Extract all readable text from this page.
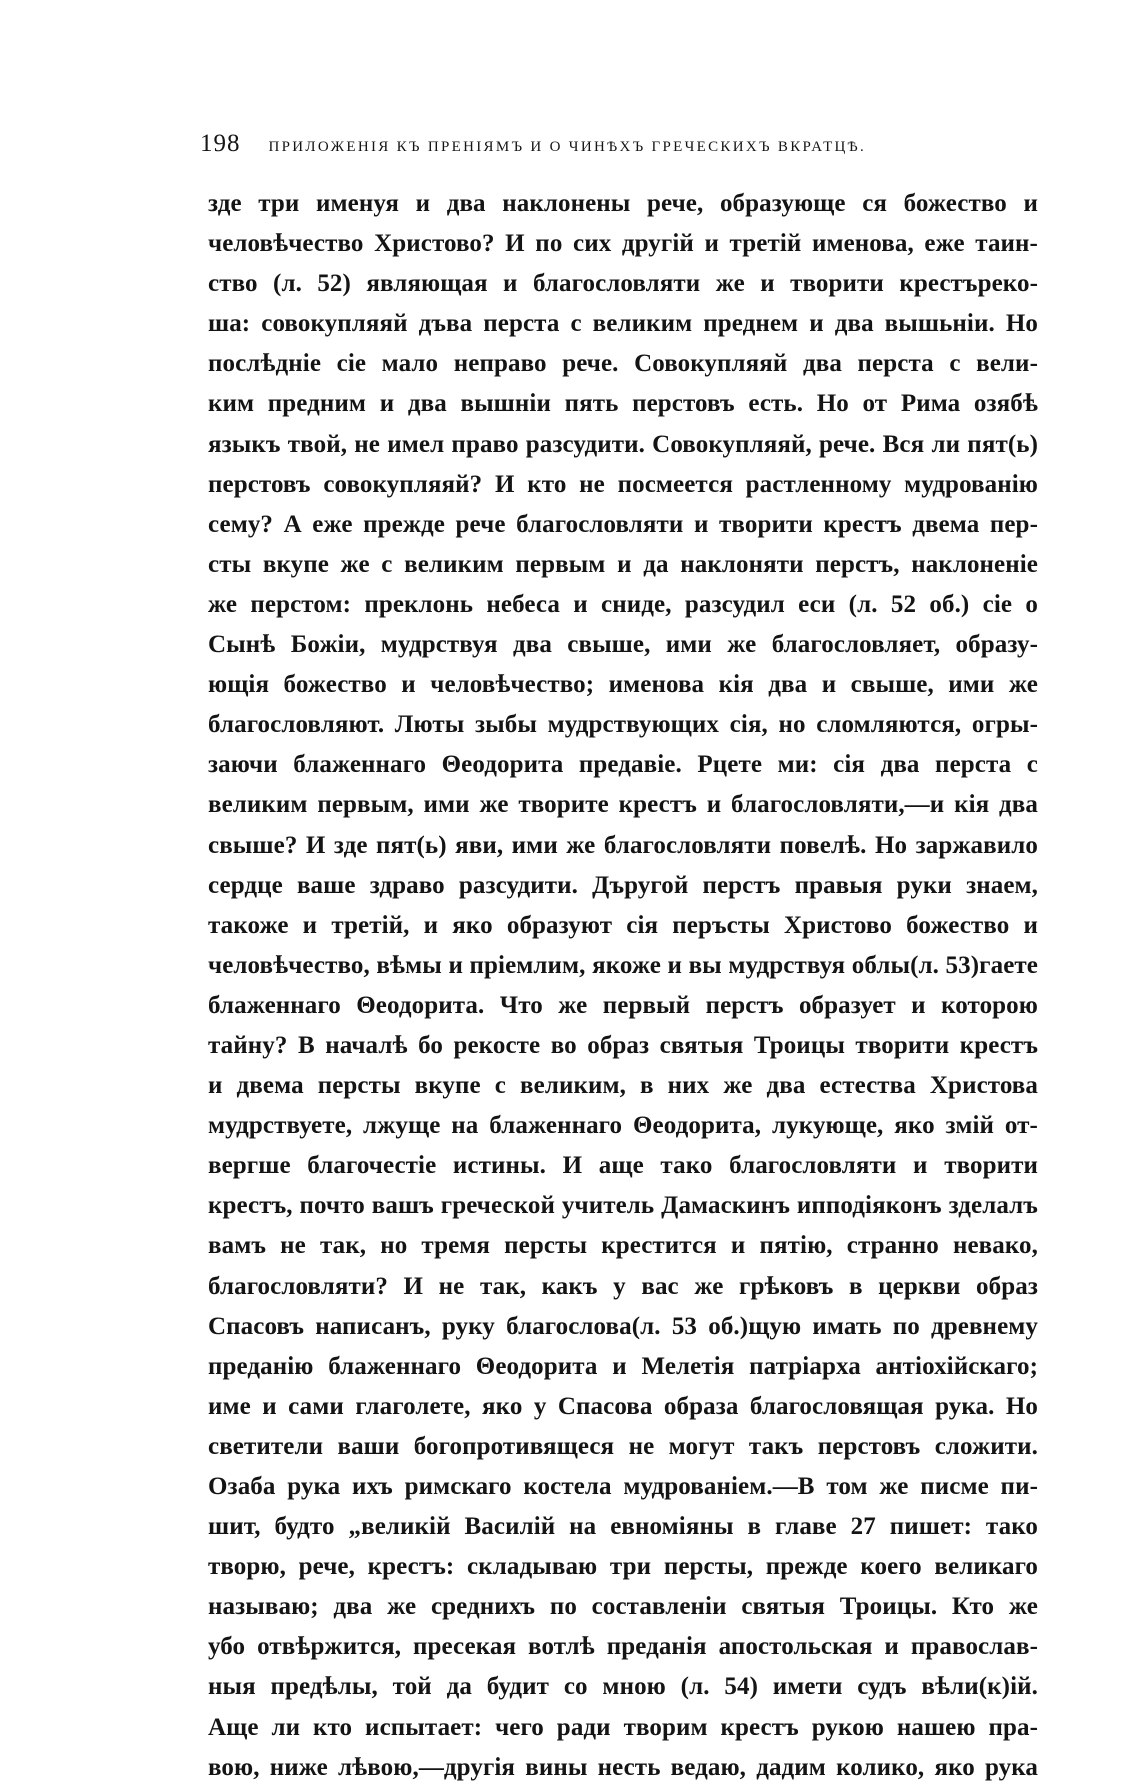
198 ПРИЛОЖЕНІЯ КЪ ПРЕНІЯМЪ И О ЧИНѢХЪ ГРЕЧЕСКИХЪ ВКРАТЦѢ.
зде три именуя и два наклонены рече, образующе ся божество и
человѣчество Христово? И по сих другій и третій именова, еже таин-
ство (л. 52) являющая и благословляти же и творити крестъреко-
ша: совокупляяй дъва перста с великим преднем и два вышьніи. Но
послѣдніе сіе мало неправо рече. Совокупляяй два перста с вели-
ким предним и два вышніи пять перстовъ есть. Но от Рима озябѣ
языкъ твой, не имел право разсудити. Совокупляяй, рече. Вся ли пят(ь)
перстовъ совокупляяй? И кто не посмеется растленному мудрованію
сему? А еже прежде рече благословляти и творити крестъ двема пер-
сты вкупе же с великим первым и да наклоняти перстъ, наклоненіе
же перстом: преклонь небеса и сниде, разсудил еси (л. 52 об.) сіе о
Сынѣ Божіи, мудрствуя два свыше, ими же благословляет, образу-
ющія божество и человѣчество; именова кія два и свыше, ими же
благословляют. Люты зыбы мудрствующих сія, но сломляются, огры-
заючи блаженнаго Θеодорита предавіе. Рцете ми: сія два перста с
великим первым, ими же творите крестъ и благословляти,—и кія два
свыше? И зде пят(ь) яви, ими же благословляти повелѣ. Но заржавило
сердце ваше здраво разсудити. Дъругой перстъ правыя руки знаем,
такоже и третій, и яко образуют сія перъсты Христово божество и
человѣчество, вѣмы и пріемлим, якоже и вы мудрствуя облы(л. 53)гаете
блаженнаго Θеодорита. Что же первый перстъ образует и которою
тайну? В началѣ бо рекосте во образ святыя Троицы творити крестъ
и двема персты вкупе с великим, в них же два естества Христова
мудрствуете, лжуще на блаженнаго Θеодорита, лукующе, яко змій от-
вергше благочестіе истины. И аще тако благословляти и творити
крестъ, почто вашъ греческой учитель Дамаскинъ ипподіяконъ зделалъ
вамъ не так, но тремя персты крестится и пятію, странно невако,
благословляти? И не так, какъ у вас же грѣковъ в церкви образ
Спасовъ написанъ, руку благослова(л. 53 об.)щую имать по древнему
преданію блаженнаго Θеодорита и Мелетія патріарха антіохійскаго;
име и сами глаголете, яко у Спасова образа благословящая рука. Но
светители ваши богопротивящеся не могут такъ перстовъ сложити.
Озаба рука ихъ римскаго костела мудрованіем.—В том же писме пи-
шит, будто „великій Василій на евноміяны в главе 27 пишет: тако
творю, рече, крестъ: складываю три персты, прежде коего великаго
называю; два же среднихъ по составленіи святыя Троицы. Кто же
убо отвѣржится, пресекая вотлѣ преданія апостольская и православ-
ныя предѣлы, той да будит со мною (л. 54) имети судъ вѣли(к)ій.
Аще ли кто испытает: чего ради творим крестъ рукою нашею пра-
вою, ниже лѣвою,—другія вины несть ведаю, дадим колико, яко рука
